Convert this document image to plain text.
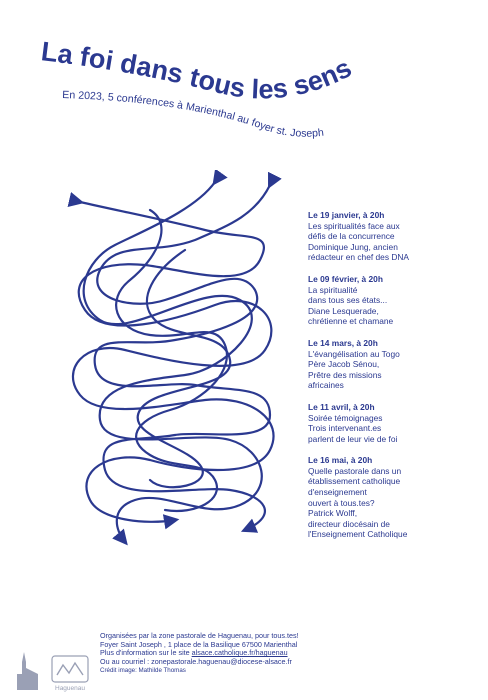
La foi dans tous les sens
En 2023, 5 conférences à Marienthal au foyer st. Joseph
Le 19 janvier, à 20h
Les spiritualités face aux
défis de la concurrence
Dominique Jung, ancien
rédacteur en chef des DNA
Le 09 février, à 20h
La spiritualité
dans tous ses états...
Diane Lesquerade,
chrétienne et chamane
Le 14 mars, à 20h
L'évangélisation au Togo
Père Jacob Sénou,
Prêtre des missions
africaines
Le 11 avril, à 20h
Soirée témoignages
Trois intervenant.es
parlent de leur vie de foi
Le 16 mai, à 20h
Quelle pastorale dans un
établissement catholique
d'enseignement
ouvert à tous.tes?
Patrick Wolff,
directeur diocésain de
l'Enseignement Catholique
Organisées par la zone pastorale de Haguenau, pour tous.tes!
Foyer Saint Joseph , 1 place de la Basilique 67500 Marienthal
Plus d'information sur le site alsace.catholique.fr/haguenau
Ou au courriel : zonepastorale.haguenau@diocese-alsace.fr
Crédit image: Mathilde Thomas
Haguenau
